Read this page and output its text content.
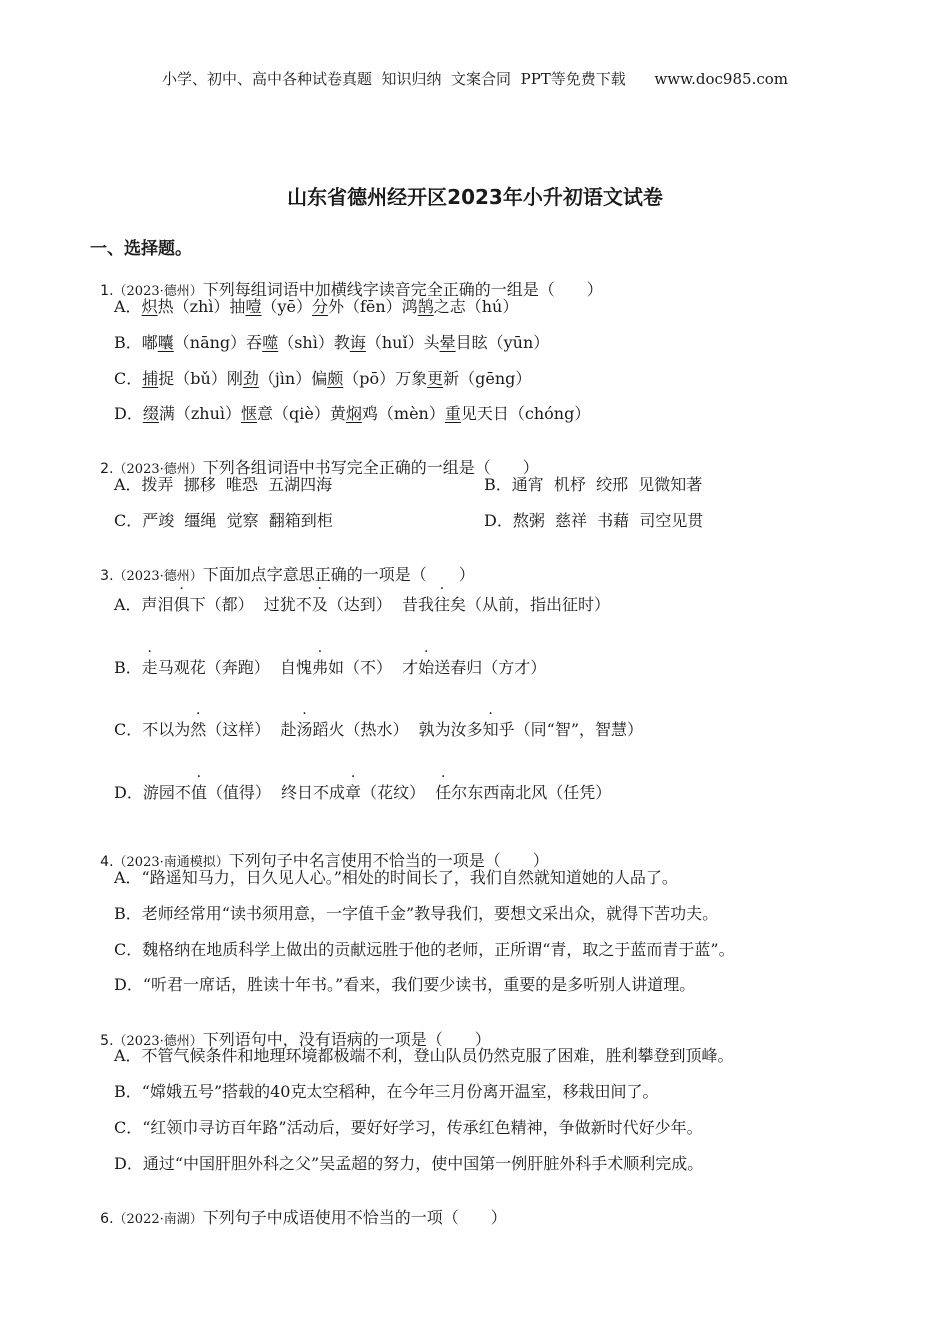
小学、初中、高中各种试卷真题  知识归纳  文案合同  PPT等免费下载      www.doc985.com
山东省德州经开区2023年小升初语文试卷
一、选择题。

1.（2023·德州）下列每组词语中加横线字读音完全正确的一组是（　　）

A．炽热（zhì）抽噎（yē）分外（fēn）鸿鹄之志（hú）
B．嘟囔（nāng）吞噬（shì）教诲（huǐ）头晕目眩（yūn）
C．捕捉（bǔ）刚劲（jìn）偏颇（pō）万象更新（gēng）
D．缀满（zhuì）惬意（qiè）黄焖鸡（mèn）重见天日（chóng）

2.（2023·德州）下列各组词语中书写完全正确的一组是（　　）

A．拨弄  挪移  唯恐  五湖四海	B．通宵  机杼  绞邢  见微知著
C．严竣  缰绳  觉察  翻箱到柜	D．熬粥  慈祥  书藉  司空见贯

3.（2023·德州）下面加点字意思正确的一项是（　　）

A．声泪俱下（都）  过犹不及（达到）  昔我往矣（从前，指出征时）
B．走马观花（奔跑）  自愧弗如（不）  才始送春归（方才）
C．不以为然（这样）  赴汤蹈火（热水）  孰为汝多知乎（同“智”，智慧）
D．游园不值（值得）  终日不成章（花纹）  任尔东西南北风（任凭）

4.（2023·南通模拟）下列句子中名言使用不恰当的一项是（　　）

A．“路遥知马力，日久见人心。”相处的时间长了，我们自然就知道她的人品了。
B．老师经常用“读书须用意，一字值千金”教导我们，要想文采出众，就得下苦功夫。
C．魏格纳在地质科学上做出的贡献远胜于他的老师，正所谓“青，取之于蓝而青于蓝”。
D．“听君一席话，胜读十年书。”看来，我们要少读书，重要的是多听别人讲道理。

5.（2023·德州）下列语句中，没有语病的一项是（　　）

A．不管气候条件和地理环境都极端不利，登山队员仍然克服了困难，胜利攀登到顶峰。
B．“嫦娥五号”搭载的40克太空稻种，在今年三月份离开温室，移栽田间了。
C．“红领巾寻访百年路”活动后，要好好学习，传承红色精神，争做新时代好少年。
D．通过“中国肝胆外科之父”吴孟超的努力，使中国第一例肝脏外科手术顺利完成。

6.（2022·南湖）下列句子中成语使用不恰当的一项（　　）
